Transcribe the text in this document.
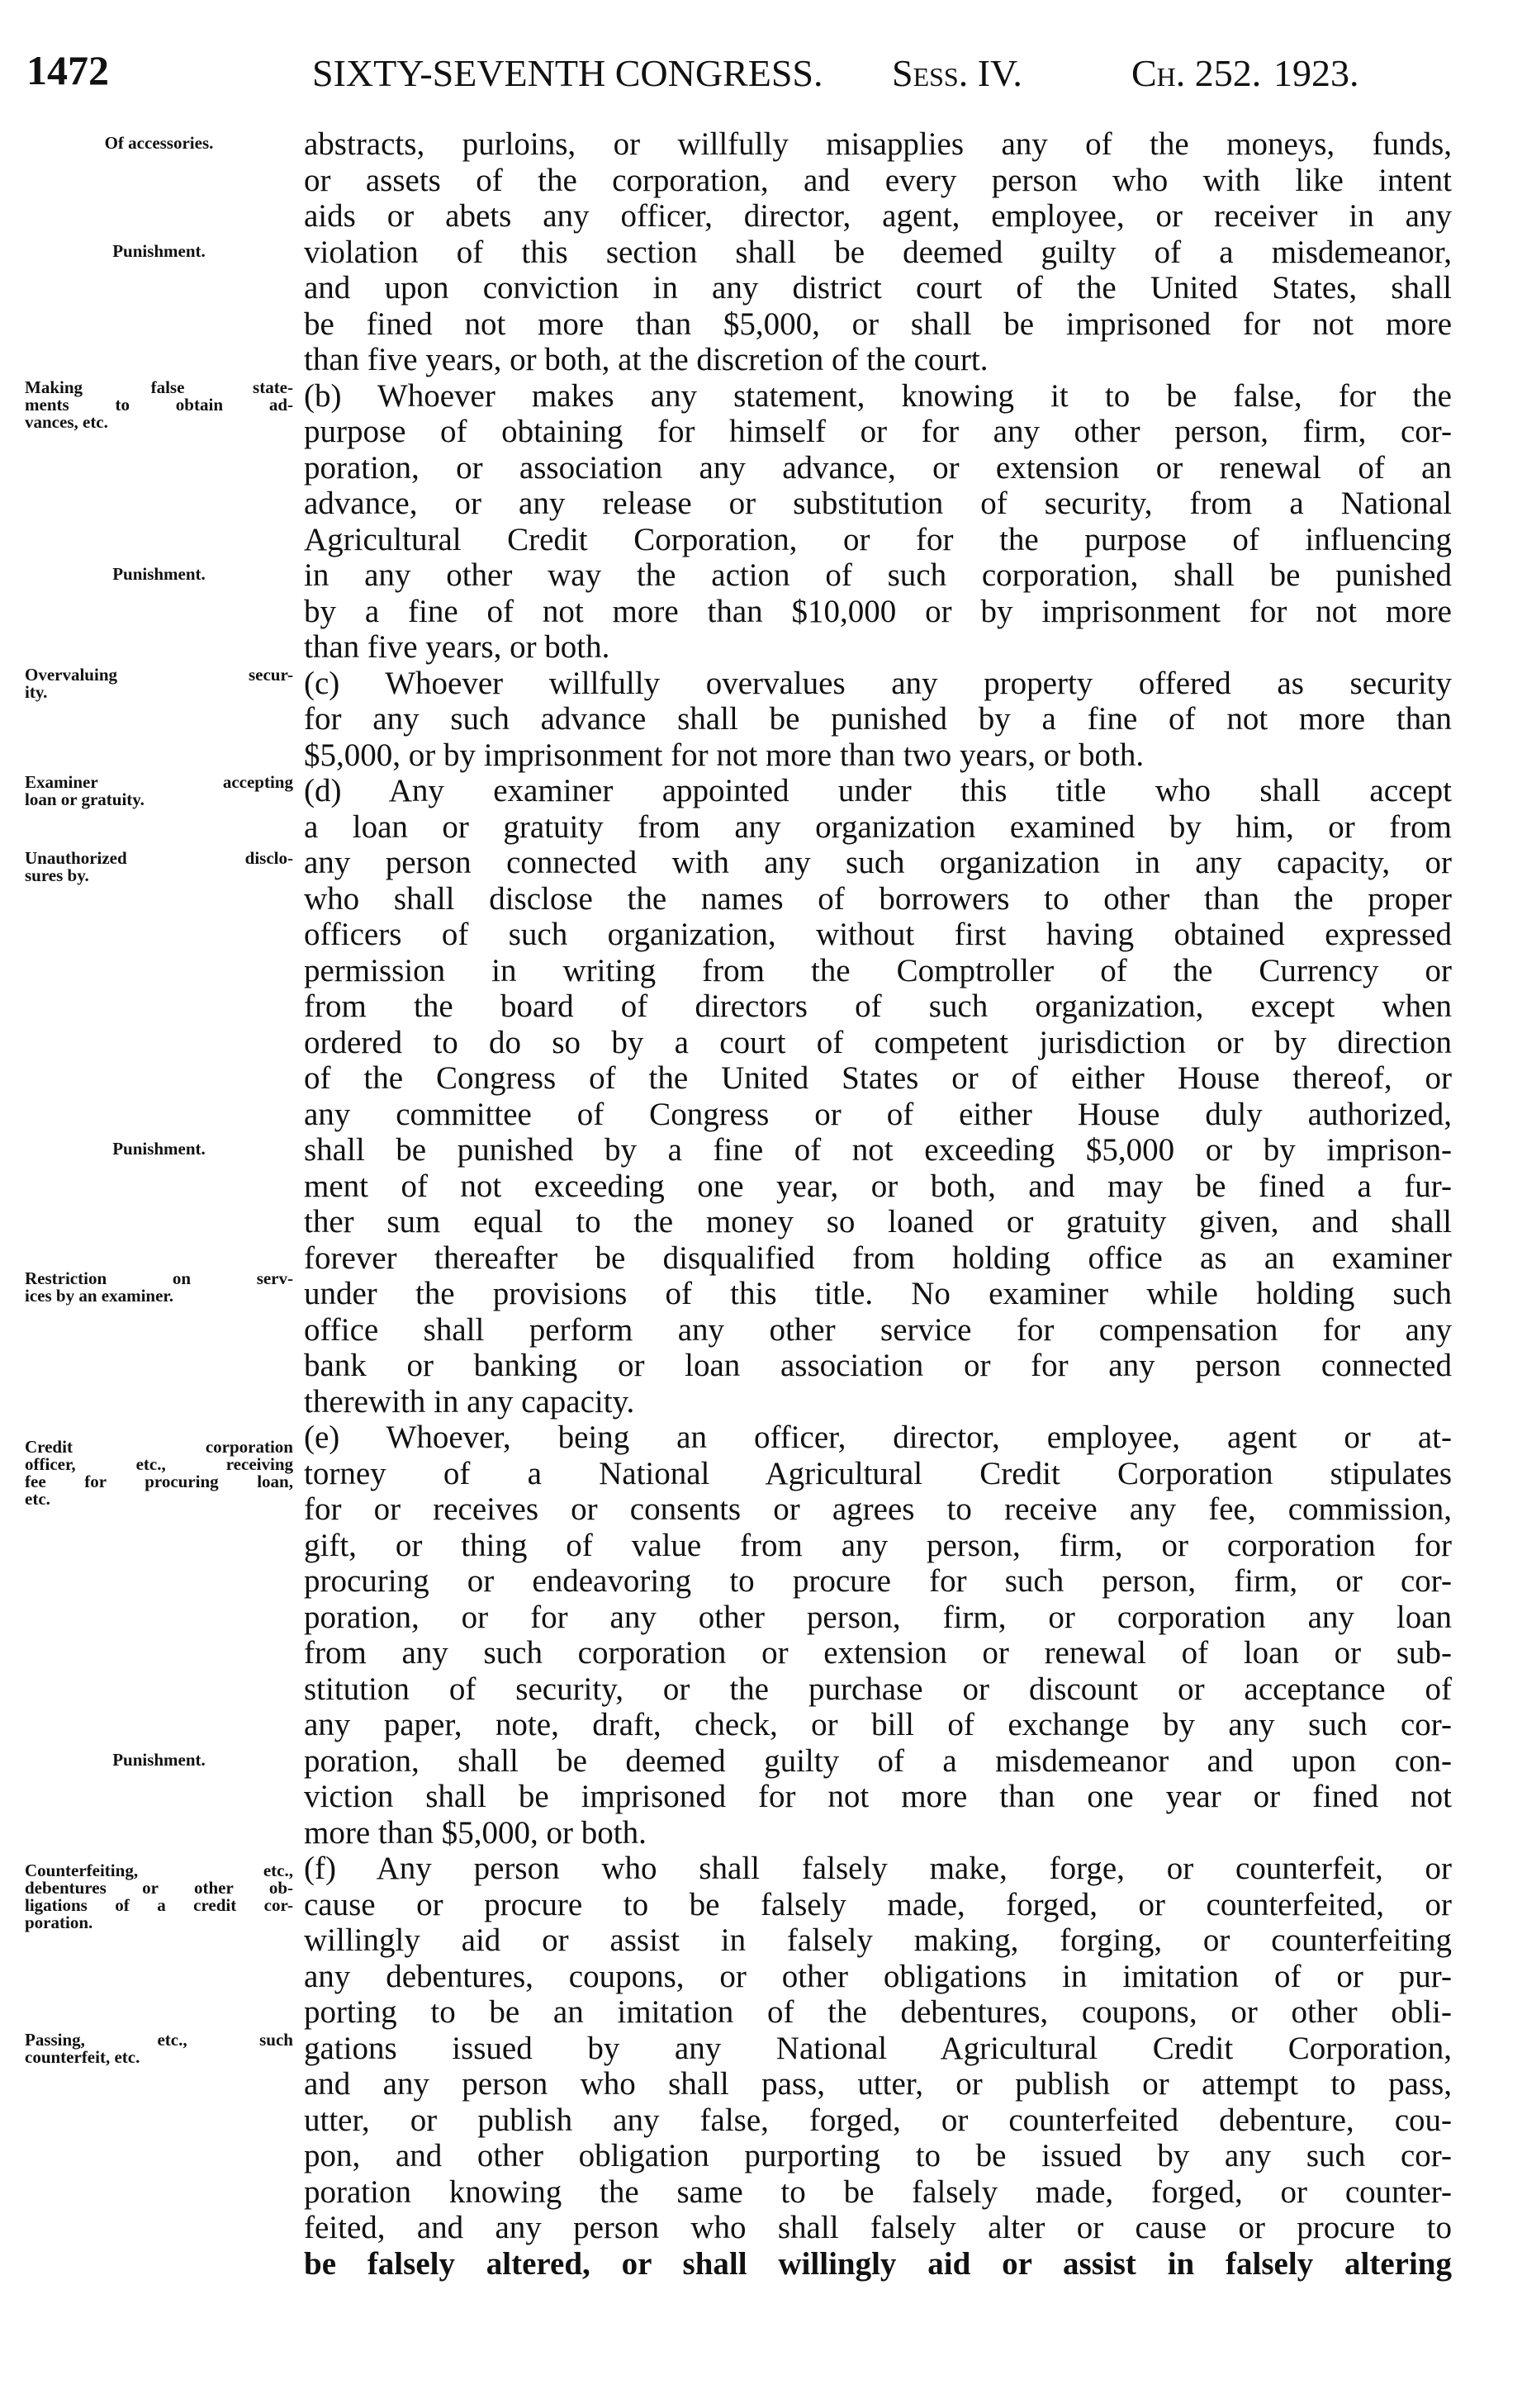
1472	SIXTY-SEVENTH CONGRESS. Sess. IV.	Ch. 252. 1923.
abstracts, purloins, or willfully misapplies any of the moneys, funds,
or assets of the corporation, and every person who with like intent
aids or abets any officer, director, agent, employee, or receiver in any
violation of this section shall be deemed guilty of a misdemeanor,
and upon conviction in any district court of the United States, shall
be fined not more than $5,000, or shall be imprisoned for not more
than five years, or both, at the discretion of the court.
(b) Whoever makes any statement, knowing it to be false, for the
purpose of obtaining for himself or for any other person, firm, cor-
poration, or association any advance, or extension or renewal of an
advance, or any release or substitution of security, from a National
Agricultural Credit Corporation, or for the purpose of influencing
in any other way the action of such corporation, shall be punished
by a fine of not more than $10,000 or by imprisonment for not more
than five years, or both.
(c) Whoever willfully overvalues any property offered as security
for any such advance shall be punished by a fine of not more than
$5,000, or by imprisonment for not more than two years, or both.
(d) Any examiner appointed under this title who shall accept
a loan or gratuity from any organization examined by him, or from
any person connected with any such organization in any capacity, or
who shall disclose the names of borrowers to other than the proper
officers of such organization, without first having obtained expressed
permission in writing from the Comptroller of the Currency or
from the board of directors of such organization, except when
ordered to do so by a court of competent jurisdiction or by direction
of the Congress of the United States or of either House thereof, or
any committee of Congress or of either House duly authorized,
shall be punished by a fine of not exceeding $5,000 or by imprison-
ment of not exceeding one year, or both, and may be fined a fur-
ther sum equal to the money so loaned or gratuity given, and shall
forever thereafter be disqualified from holding office as an examiner
under the provisions of this title. No examiner while holding such
office shall perform any other service for compensation for any
bank or banking or loan association or for any person connected
therewith in any capacity.
(e) Whoever, being an officer, director, employee, agent or at-
torney of a National Agricultural Credit Corporation stipulates
for or receives or consents or agrees to receive any fee, commission,
gift, or thing of value from any person, firm, or corporation for
procuring or endeavoring to procure for such person, firm, or cor-
poration, or for any other person, firm, or corporation any loan
from any such corporation or extension or renewal of loan or sub-
stitution of security, or the purchase or discount or acceptance of
any paper, note, draft, check, or bill of exchange by any such cor-
poration, shall be deemed guilty of a misdemeanor and upon con-
viction shall be imprisoned for not more than one year or fined not
more than $5,000, or both.
(f) Any person who shall falsely make, forge, or counterfeit, or
cause or procure to be falsely made, forged, or counterfeited, or
willingly aid or assist in falsely making, forging, or counterfeiting
any debentures, coupons, or other obligations in imitation of or pur-
porting to be an imitation of the debentures, coupons, or other obli-
gations issued by any National Agricultural Credit Corporation,
and any person who shall pass, utter, or publish or attempt to pass,
utter, or publish any false, forged, or counterfeited debenture, cou-
pon, and other obligation purporting to be issued by any such cor-
poration knowing the same to be falsely made, forged, or counter-
feited, and any person who shall falsely alter or cause or procure to
be falsely altered, or shall willingly aid or assist in falsely altering
Of accessories.
Punishment.
Making false state-
ments to obtain ad-
vances, etc.
Punishment.
Overvaluing secur-
ity.
Examiner accepting
loan or gratuity.
Unauthorized disclo-
sures by.
Punishment.
Restriction on serv-
ices by an examiner.
Credit corporation
officer, etc., receiving
fee for procuring loan,
etc.
Punishment.
Counterfeiting, etc.,
debentures or other ob-
ligations of a credit cor-
poration.
Passing, etc., such
counterfeit, etc.
